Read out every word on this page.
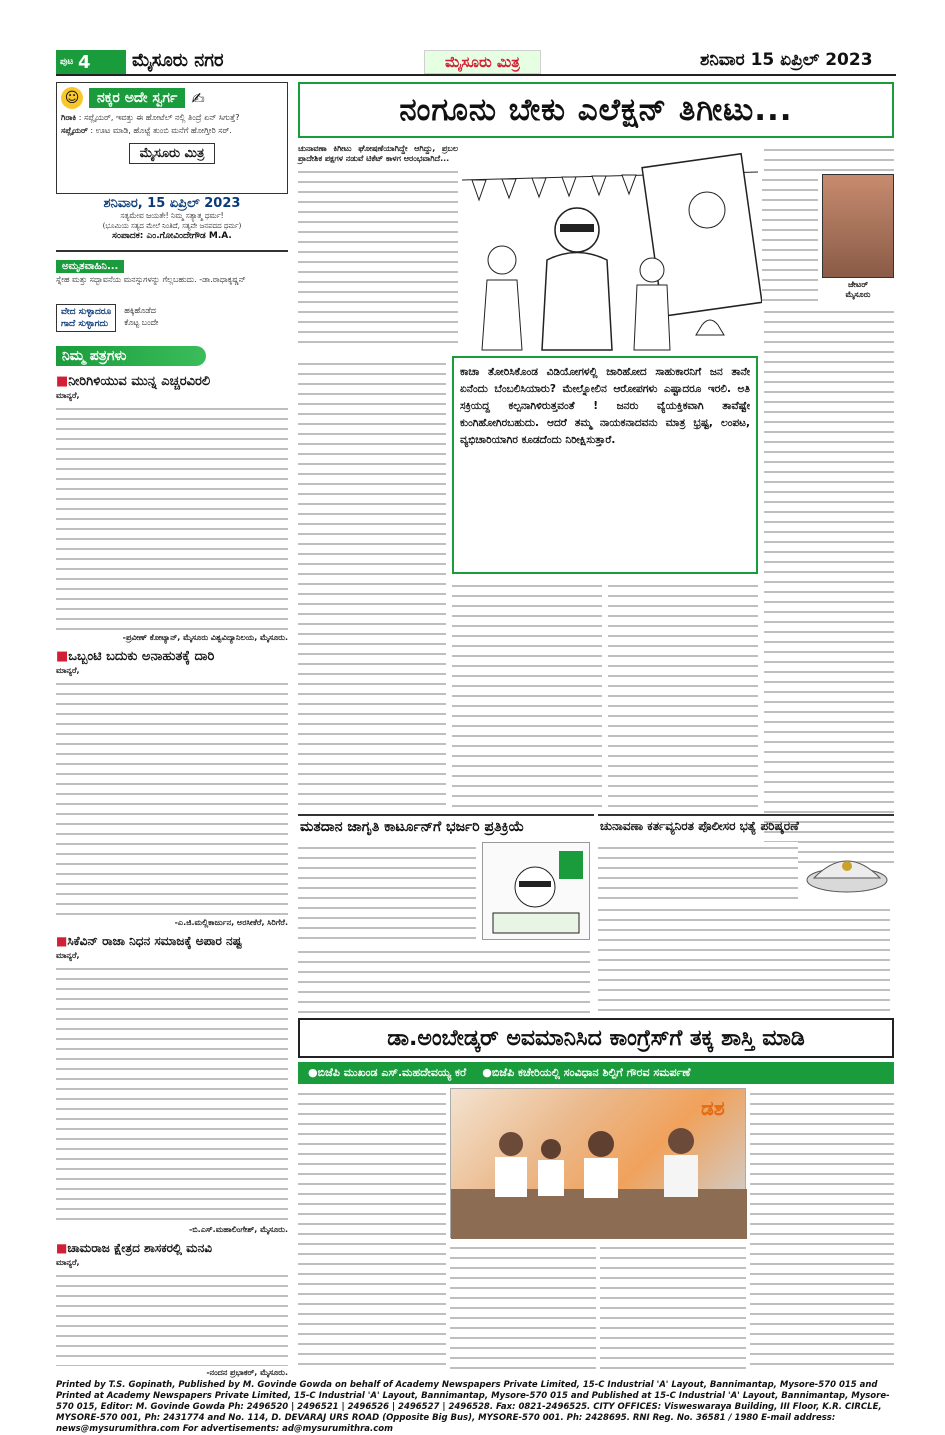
ಪುಟ 4 ಮೈಸೂರು ನಗರ	ಮೈಸೂರು ಮಿತ್ರ	ಶನಿವಾರ 15 ಏಪ್ರಿಲ್ 2023
☺	ನಕ್ಕರ ಅದೇ ಸ್ವರ್ಗ ✍
ಗಿರಾಕಿ : ಸಪ್ಲೈಯರ್, ಇವತ್ತು ಈ ಹೋಟೆಲ್ ನಲ್ಲಿ ತಿಂದ್ರೆ ಏನ್ ಸಿಗುತ್ತೆ?
ಸಪ್ಲೈಯರ್ : ಊಟ ಮಾಡಿ, ಹೊಟ್ಟೆ ತುಂಬಿ ಮನೆಗೆ ಹೋಗ್ತೀರಿ ಸರ್.
ಮೈಸೂರು ಮಿತ್ರ
ಶನಿವಾರ, 15 ಏಪ್ರಿಲ್ 2023
ಸತ್ಯಮೇವ ಜಯತೇ! ನಿಮ್ಮ ಸತ್ಯಾತ್ಮ ಧರ್ಮ!
(ಭೂಮಿಯ ಸತ್ಯದ ಮೇಲೆ ನಿಂತಿದೆ, ಸತ್ಯವೇ ಜನಪದದ ಧರ್ಮ)
ಸಂಪಾದಕ: ಎಂ.ಗೋವಿಂದೇಗೌಡ M.A.
ಅಮೃತವಾಹಿನಿ...
ಸ್ನೇಹ ಮತ್ತು ಸದ್ಭಾವನೆಯ ಮನಸ್ಸುಗಳನ್ನು ಗೆಲ್ಲಬಹುದು. -ಡಾ.ರಾಧಾಕೃಷ್ಣನ್
ವೇದ ಸುಳ್ಳಾದರೂ
ಗಾದೆ ಸುಳ್ಳಾಗದು
ಹಕ್ಕಿಹೊಡೆದ
ಕೊಟ್ಟ ಬಂದೇ
ನಿಮ್ಮ ಪತ್ರಗಳು
■ನೀರಿಗಿಳಿಯುವ ಮುನ್ನ ಎಚ್ಚರವಿರಲಿ
ಮಾನ್ಯರೆ,
-ಪ್ರವೀಣ್ ಕೋಟ್ಯಾನ್, ಮೈಸೂರು ವಿಶ್ವವಿದ್ಯಾನಿಲಯ, ಮೈಸೂರು.
■ಒಬ್ಬಂಟಿ ಬದುಕು ಅನಾಹುತಕ್ಕೆ ದಾರಿ
ಮಾನ್ಯರೆ,
-ಎ.ಜಿ.ಮಲ್ಲಿಕಾರ್ಜುನ, ಅರಸೀಕೆರೆ, ಸಿರಿಗೆರೆ.
■ಸಿಕೆವಿನ್ ರಾಜಾ ನಿಧನ ಸಮಾಜಕ್ಕೆ ಅಪಾರ ನಷ್ಟ
ಮಾನ್ಯರೆ,
-ಬಿ.ಎಸ್.ಮಹಾಲಿಂಗೇಶ್, ಮೈಸೂರು.
■ಚಾಮರಾಜ ಕ್ಷೇತ್ರದ ಶಾಸಕರಲ್ಲಿ ಮನವಿ
ಮಾನ್ಯರೆ,
-ನಂದನ ಪ್ರಭಾಕರ್, ಮೈಸೂರು.
ನಂಗೂನು ಬೇಕು ಎಲೆಕ್ಷನ್ ತಿಗೀಟು...
ಚುನಾವಣಾ ಕಿಗೀಟು ಘೋಷಣೆಯಾಗಿದ್ದೇ ಆಗಿದ್ದು, ಪ್ರಬಲ ಪ್ರಾದೇಶಿಕ ಪಕ್ಷಗಳ ನಡುವೆ ಟಿಕೆಟ್ ಕಾಳಗ ಆರಂಭವಾಗಿದೆ...
ಜೇಟರ್
ಮೈಸೂರು
ಕಾಚಾ ತೋರಿಸಿಕೊಂಡ ವಿಡಿಯೋಗಳಲ್ಲಿ ಜಾರಿಹೋದ ಸಾಹುಕಾರನಿಗೆ ಜನ ತಾನೇ ಏನೆಂದು ಬೆಂಬಲಿಸಿಯಾರು? ಮೇಲ್ನೋಲಿನ ಆರೋಪಗಳು ಎಷ್ಟಾದರೂ ಇರಲಿ. ಅತಿ ಸಕ್ರಿಯದ್ದ ಕಲ್ಪನಾಗಿಳಿರುತ್ತವಂತೆ ! ಜನರು ವ್ಯೆಯಕ್ತಿಕವಾಗಿ ತಾವೆಷ್ಟೇ ಕುಂಗಿಹೋಗಿರಬಹುದು. ಆದರೆ ತಮ್ಮ ನಾಯಕನಾದವನು ಮಾತ್ರ ಭ್ರಷ್ಟ, ಲಂಪಟ, ವ್ಯಭಿಚಾರಿಯಾಗಿರ ಕೂಡದೆಂದು ನಿರೀಕ್ಷಿಸುತ್ತಾರೆ.
ಮತದಾನ ಜಾಗೃತಿ ಕಾರ್ಟೂನ್‌ಗೆ ಭರ್ಜರಿ ಪ್ರತಿಕ್ರಿಯೆ	ಚುನಾವಣಾ ಕರ್ತವ್ಯನಿರತ ಪೊಲೀಸರ ಭತ್ಯೆ ಪರಿಷ್ಕರಣೆ
ಡಾ.ಅಂಬೇಡ್ಕರ್ ಅವಮಾನಿಸಿದ ಕಾಂಗ್ರೆಸ್‌ಗೆ ತಕ್ಕ ಶಾಸ್ತಿ ಮಾಡಿ
●ಬಿಜೆಪಿ ಮುಖಂಡ ಎಸ್.ಮಹದೇವಯ್ಯ ಕರೆ ●ಬಿಜೆಪಿ ಕಚೇರಿಯಲ್ಲಿ ಸಂವಿಧಾನ ಶಿಲ್ಪಿಗೆ ಗೌರವ ಸಮರ್ಪಣೆ
ಡಶ
Printed by T.S. Gopinath, Published by M. Govinde Gowda on behalf of Academy Newspapers Private Limited, 15-C Industrial 'A' Layout, Bannimantap, Mysore-570 015 and Printed at Academy Newspapers Private Limited, 15-C Industrial 'A' Layout, Bannimantap, Mysore-570 015 and Published at 15-C Industrial 'A' Layout, Bannimantap, Mysore-570 015, Editor: M. Govinde Gowda Ph: 2496520 | 2496521 | 2496526 | 2496527 | 2496528. Fax: 0821-2496525. CITY OFFICES: Visweswaraya Building, III Floor, K.R. CIRCLE, MYSORE-570 001, Ph: 2431774 and No. 114, D. DEVARAJ URS ROAD (Opposite Big Bus), MYSORE-570 001. Ph: 2428695. RNI Reg. No. 36581 / 1980 E-mail address: news@mysurumithra.com For advertisements: ad@mysurumithra.com
